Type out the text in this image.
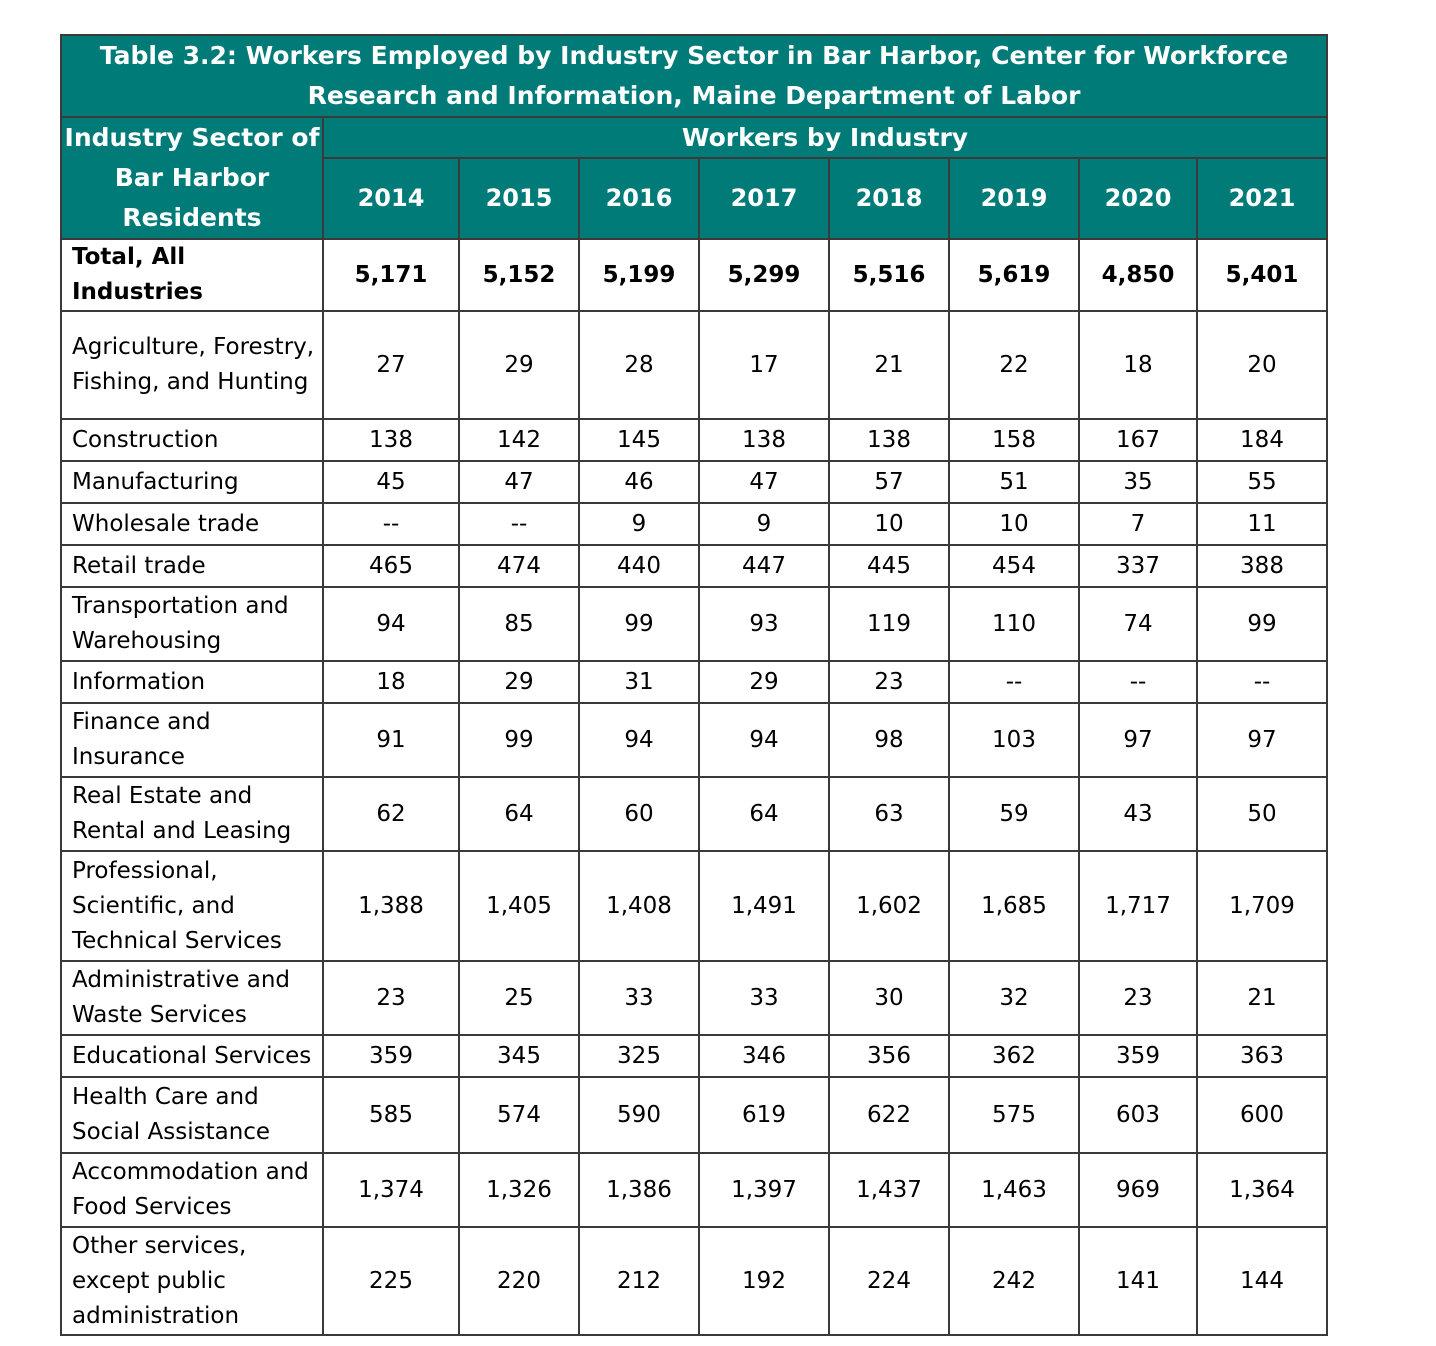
Table 3.2: Workers Employed by Industry Sector in Bar Harbor, Center for Workforce Research and Information, Maine Department of Labor								
Industry Sector of Bar Harbor Residents	Workers by Industry							
	2014	2015	2016	2017	2018	2019	2020	2021
Total, All Industries	5,171	5,152	5,199	5,299	5,516	5,619	4,850	5,401
Agriculture, Forestry, Fishing, and Hunting	27	29	28	17	21	22	18	20
Construction	138	142	145	138	138	158	167	184
Manufacturing	45	47	46	47	57	51	35	55
Wholesale trade	--	--	9	9	10	10	7	11
Retail trade	465	474	440	447	445	454	337	388
Transportation and Warehousing	94	85	99	93	119	110	74	99
Information	18	29	31	29	23	--	--	--
Finance and Insurance	91	99	94	94	98	103	97	97
Real Estate and Rental and Leasing	62	64	60	64	63	59	43	50
Professional, Scientific, and Technical Services	1,388	1,405	1,408	1,491	1,602	1,685	1,717	1,709
Administrative and Waste Services	23	25	33	33	30	32	23	21
Educational Services	359	345	325	346	356	362	359	363
Health Care and Social Assistance	585	574	590	619	622	575	603	600
Accommodation and Food Services	1,374	1,326	1,386	1,397	1,437	1,463	969	1,364
Other services, except public administration	225	220	212	192	224	242	141	144
